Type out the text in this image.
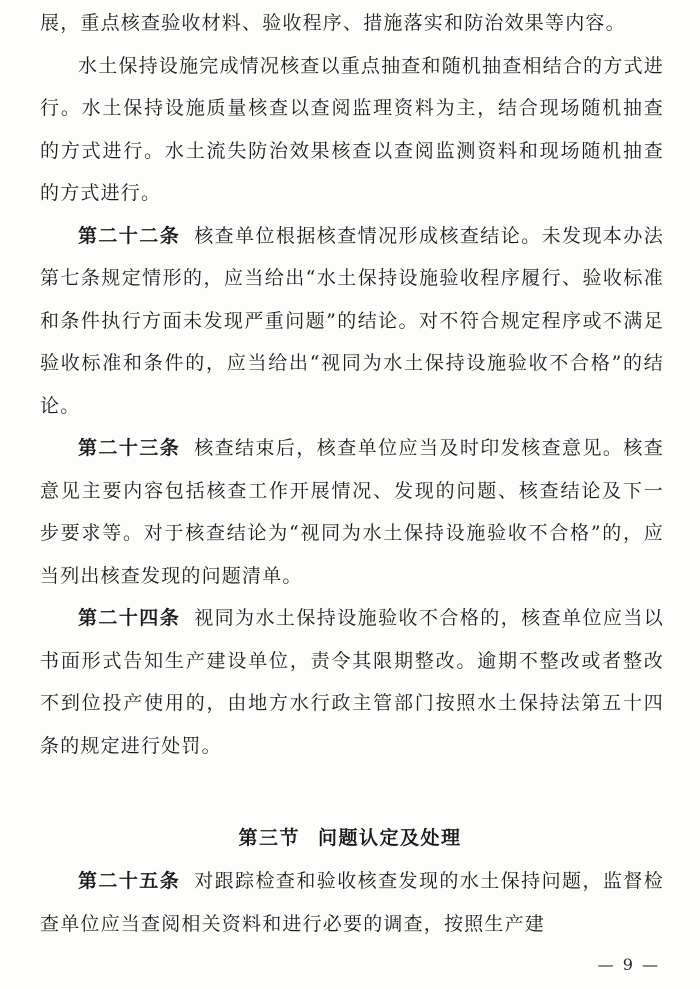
展，重点核查验收材料、验收程序、措施落实和防治效果等内容。

水土保持设施完成情况核查以重点抽查和随机抽查相结合的方式进行。水土保持设施质量核查以查阅监理资料为主，结合现场随机抽查的方式进行。水土流失防治效果核查以查阅监测资料和现场随机抽查的方式进行。

第二十二条 核查单位根据核查情况形成核查结论。未发现本办法第七条规定情形的，应当给出“水土保持设施验收程序履行、验收标准和条件执行方面未发现严重问题”的结论。对不符合规定程序或不满足验收标准和条件的，应当给出“视同为水土保持设施验收不合格”的结论。

第二十三条 核查结束后，核查单位应当及时印发核查意见。核查意见主要内容包括核查工作开展情况、发现的问题、核查结论及下一步要求等。对于核查结论为“视同为水土保持设施验收不合格”的，应当列出核查发现的问题清单。

第二十四条 视同为水土保持设施验收不合格的，核查单位应当以书面形式告知生产建设单位，责令其限期整改。逾期不整改或者整改不到位投产使用的，由地方水行政主管部门按照水土保持法第五十四条的规定进行处罚。

第三节 问题认定及处理

第二十五条 对跟踪检查和验收核查发现的水土保持问题，监督检查单位应当查阅相关资料和进行必要的调查，按照生产建

— 9 —
